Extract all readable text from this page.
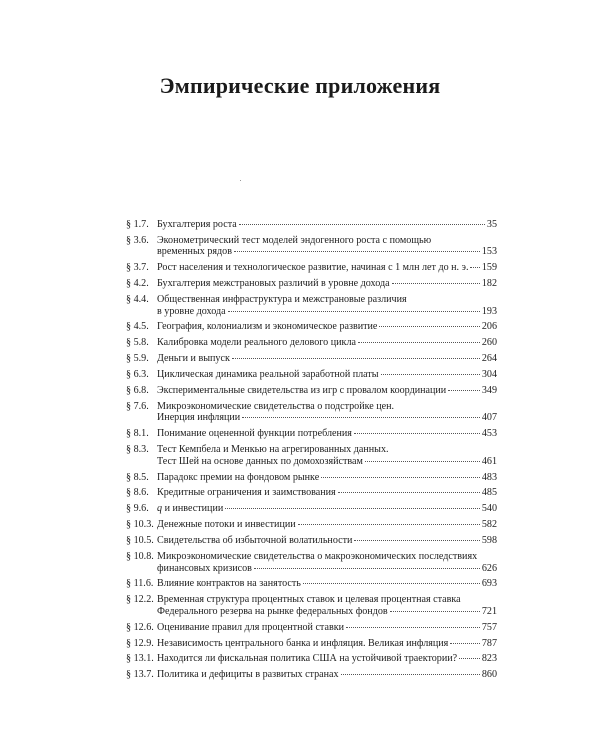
Эмпирические приложения
§ 1.7. Бухгалтерия роста	35
§ 3.6. Эконометрический тест моделей эндогенного роста с помощью
временных рядов	153
§ 3.7. Рост населения и технологическое развитие, начиная с 1 млн лет до н. э. 159
§ 4.2. Бухгалтерия межстрановых различий в уровне дохода	182
§ 4.4. Общественная инфраструктура и межстрановые различия
в уровне дохода	193
§ 4.5. География, колониализм и экономическое развитие	206
§ 5.8. Калибровка модели реального делового цикла	260
§ 5.9. Деньги и выпуск	264
§ 6.3. Циклическая динамика реальной заработной платы	304
§ 6.8. Экспериментальные свидетельства из игр с провалом координации	349
§ 7.6. Микроэкономические свидетельства о подстройке цен.
Инерция инфляции	407
§ 8.1. Понимание оцененной функции потребления	453
§ 8.3. Тест Кемпбела и Менкью на агрегированных данных.
Тест Шей на основе данных по домохозяйствам	461
§ 8.5. Парадокс премии на фондовом рынке	483
§ 8.6. Кредитные ограничения и заимствования	485
§ 9.6. q и инвестиции	540
§ 10.3. Денежные потоки и инвестиции	582
§ 10.5. Свидетельства об избыточной волатильности	598
§ 10.8. Микроэкономические свидетельства о макроэкономических последствиях
финансовых кризисов	626
§ 11.6. Влияние контрактов на занятость	693
§ 12.2. Временная структура процентных ставок и целевая процентная ставка
Федерального резерва на рынке федеральных фондов	721
§ 12.6. Оценивание правил для процентной ставки	757
§ 12.9. Независимость центрального банка и инфляция. Великая инфляция	787
§ 13.1. Находится ли фискальная политика США на устойчивой траектории? 823
§ 13.7. Политика и дефициты в развитых странах	860
